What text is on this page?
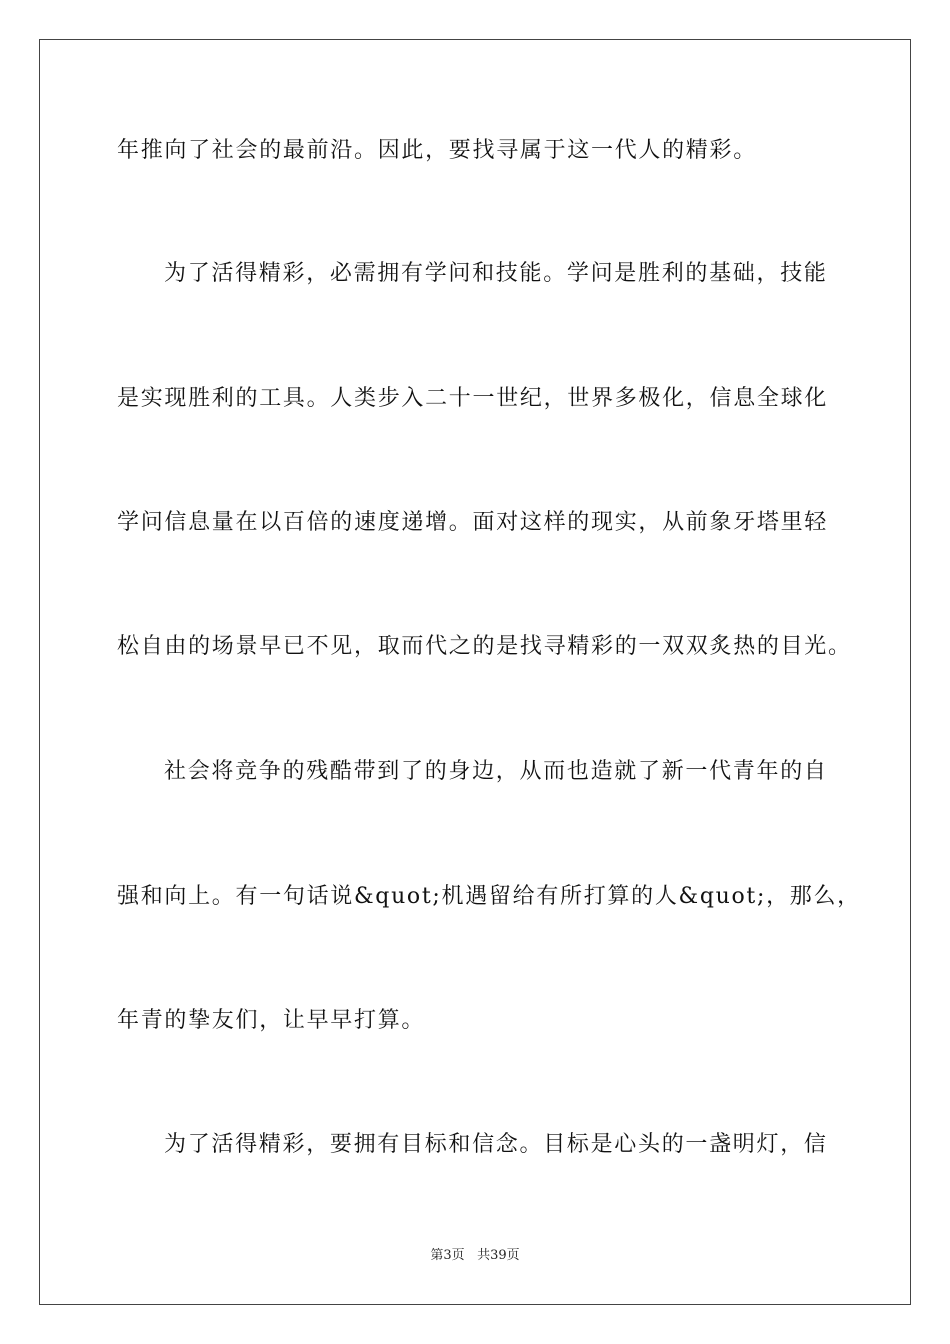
年推向了社会的最前沿。因此，要找寻属于这一代人的精彩。
为了活得精彩，必需拥有学问和技能。学问是胜利的基础，技能
是实现胜利的工具。人类步入二十一世纪，世界多极化，信息全球化
学问信息量在以百倍的速度递增。面对这样的现实，从前象牙塔里轻
松自由的场景早已不见，取而代之的是找寻精彩的一双双炙热的目光。
社会将竞争的残酷带到了的身边，从而也造就了新一代青年的自
强和向上。有一句话说&quot;机遇留给有所打算的人&quot;，那么，
年青的挚友们，让早早打算。
为了活得精彩，要拥有目标和信念。目标是心头的一盏明灯，信
第3页 共39页
